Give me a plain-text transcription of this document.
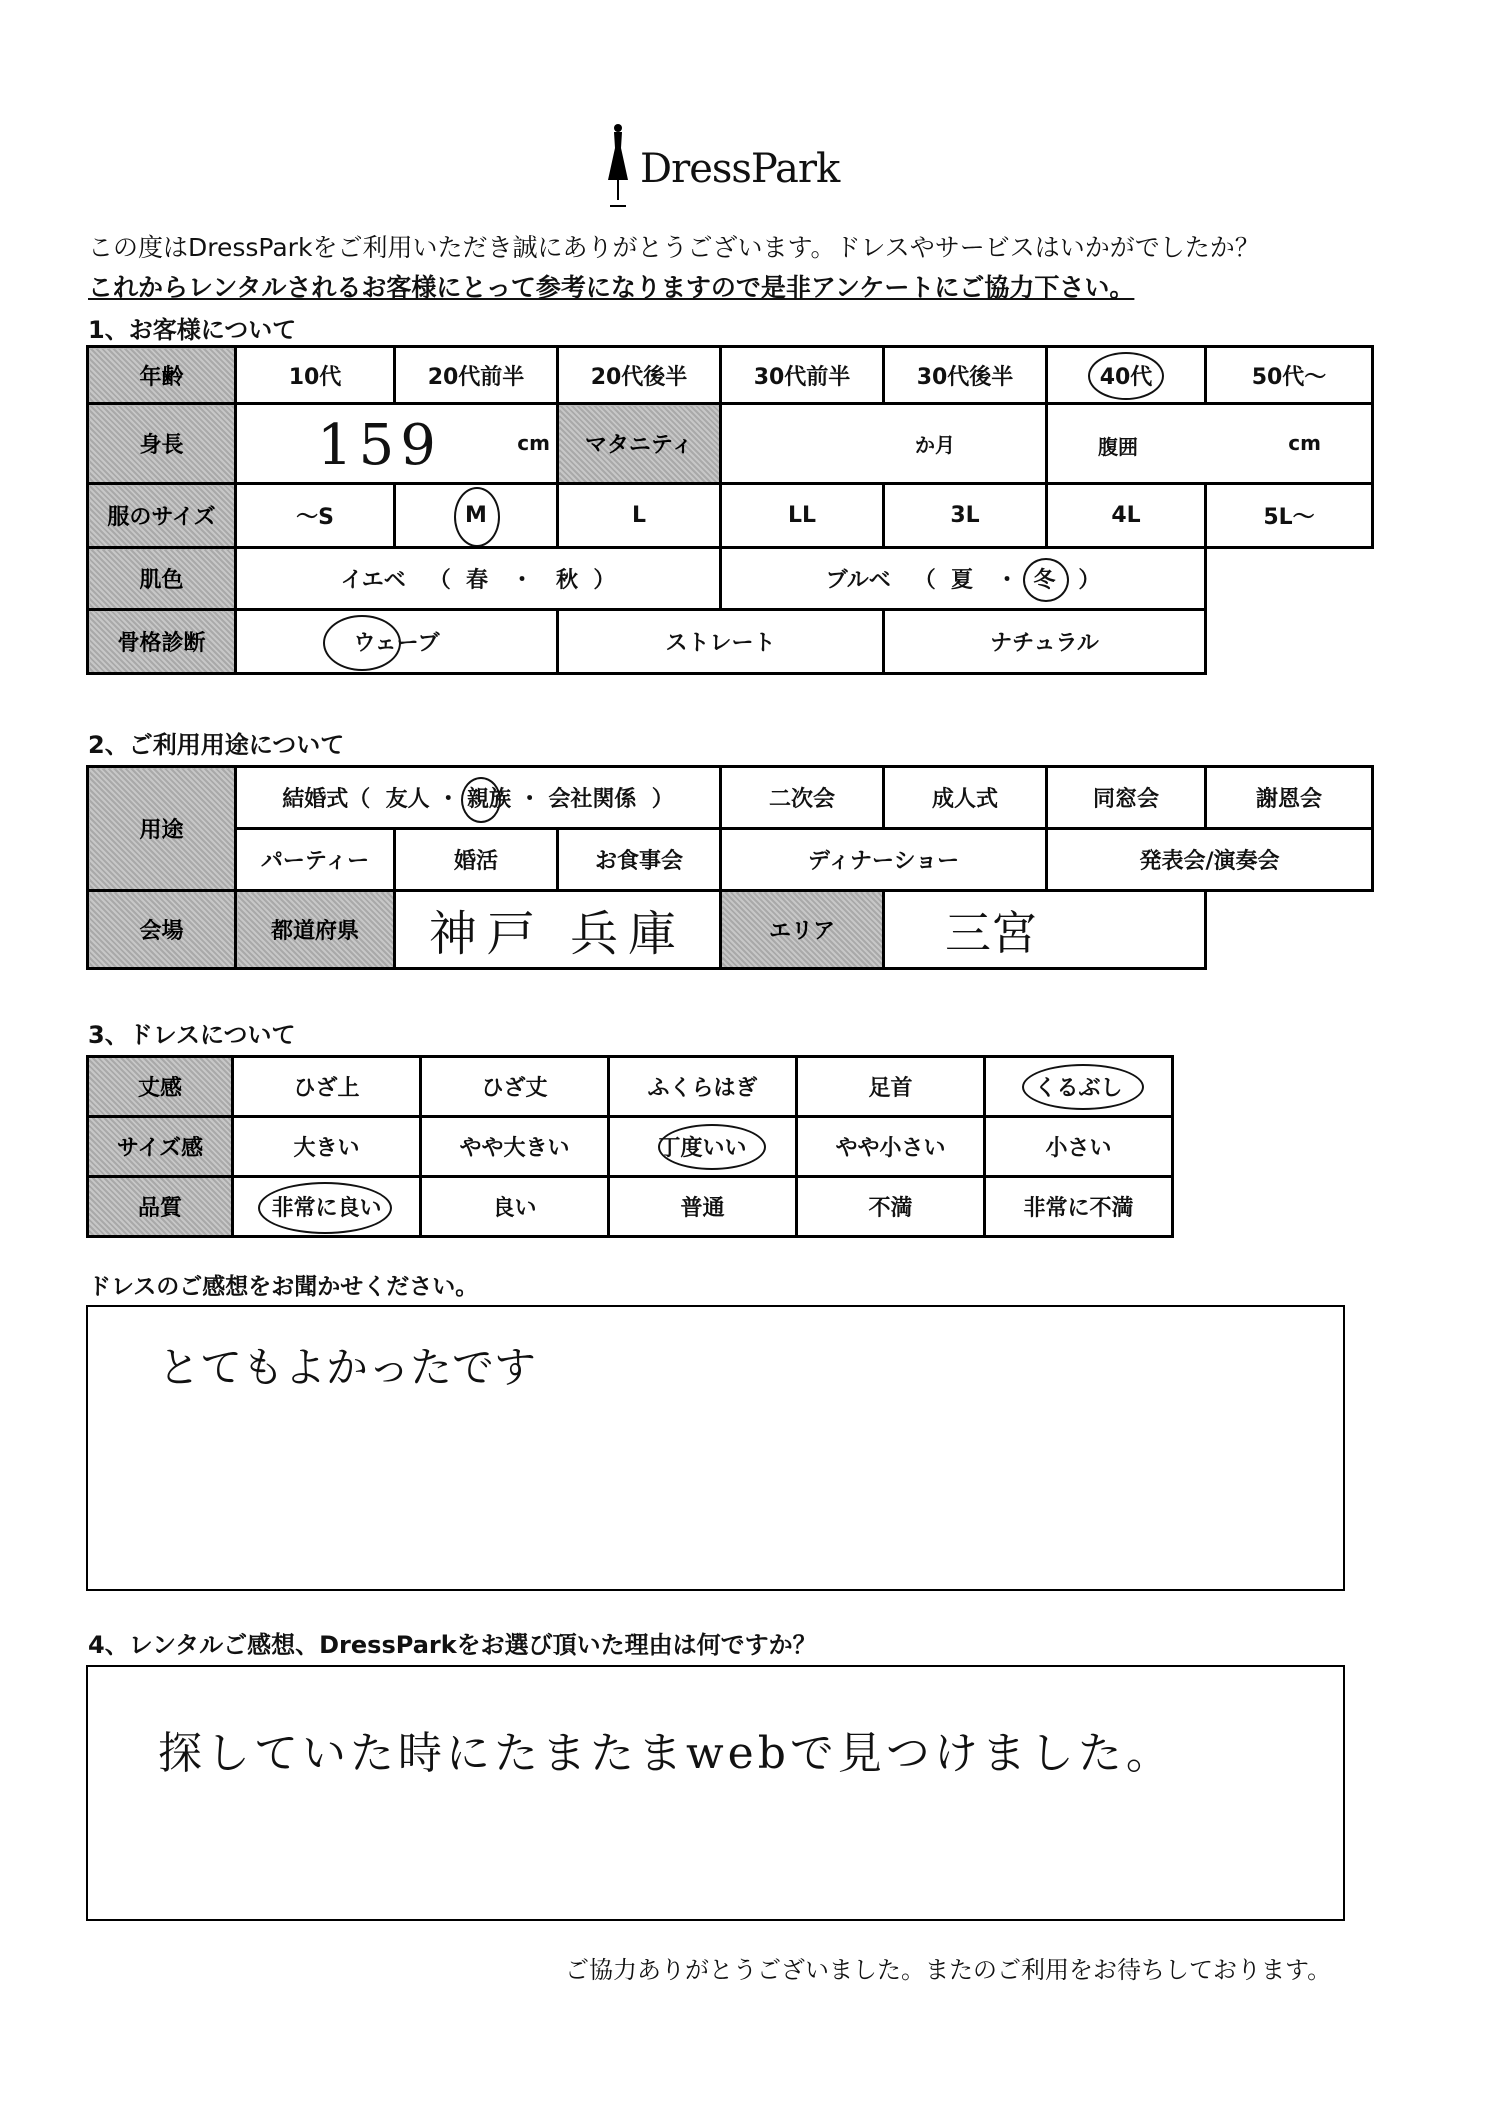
DressPark
この度はDressParkをご利用いただき誠にありがとうございます。ドレスやサービスはいかがでしたか？
これからレンタルされるお客様にとって参考になりますので是非アンケートにご協力下さい。
1、お客様について
年齢	10代	20代前半	20代後半	30代前半	30代後半	40代	50代～
身長	159 cm		マタニティ	か月		腹囲 cm	

服のサイズ	～S	M	L	LL	3L	4L	5L～
肌色	イエベ （ 春 ・ 秋 ）			ブルベ （ 夏 ・ 冬 ）			
骨格診断	ウェーブ		ストレート		ナチュラル		
2、ご利用用途について
用途	結婚式（ 友人 ・ 親族 ・ 会社関係 ）			二次会	成人式	同窓会	謝恩会
	パーティー	婚活	お食事会	ディナーショー		発表会/演奏会	
会場	都道府県	神戸 兵庫		エリア	三宮		
3、ドレスについて
丈感	ひざ上	ひざ丈	ふくらはぎ	足首	くるぶし

サイズ感	大きい	やや大きい	丁度いい	やや小さい	小さい
品質	非常に良い	良い	普通	不満	非常に不満
ドレスのご感想をお聞かせください。
とてもよかったです
4、レンタルご感想、DressParkをお選び頂いた理由は何ですか？
探していた時にたまたまwebで見つけました。
ご協力ありがとうございました。またのご利用をお待ちしております。
